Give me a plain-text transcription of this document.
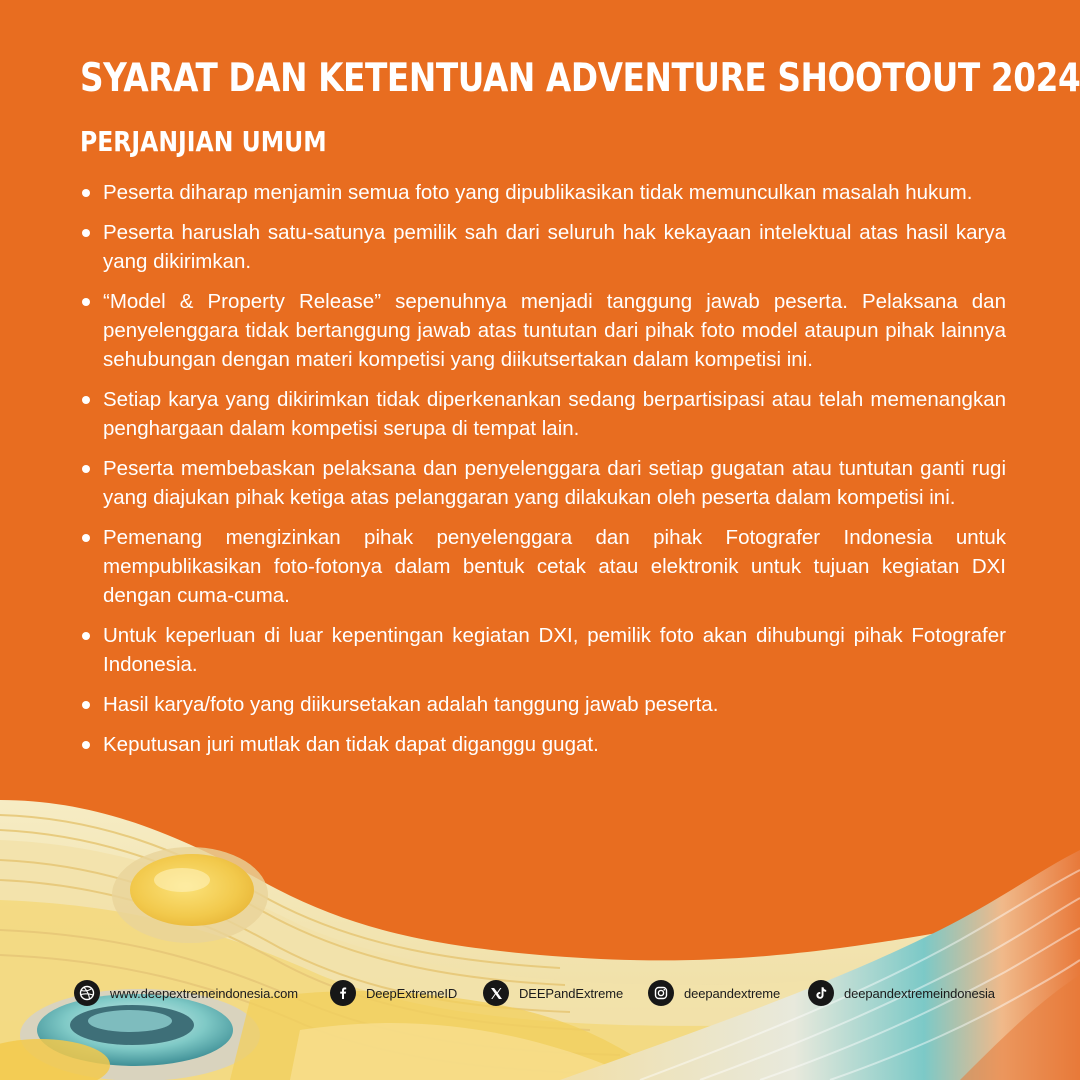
SYARAT DAN KETENTUAN ADVENTURE SHOOTOUT 2024
PERJANJIAN UMUM
Peserta diharap menjamin semua foto yang dipublikasikan tidak memunculkan masalah hukum.
Peserta haruslah satu-satunya pemilik sah dari seluruh hak kekayaan intelektual atas hasil karya yang dikirimkan.
“Model & Property Release” sepenuhnya menjadi tanggung jawab peserta. Pelaksana dan penyelenggara tidak bertanggung jawab atas tuntutan dari pihak foto model ataupun pihak lainnya sehubungan dengan materi kompetisi yang diikutsertakan dalam kompetisi ini.
Setiap karya yang dikirimkan tidak diperkenankan sedang berpartisipasi atau telah memenangkan penghargaan dalam kompetisi serupa di tempat lain.
Peserta membebaskan pelaksana dan penyelenggara dari setiap gugatan atau tuntutan ganti rugi yang diajukan pihak ketiga atas pelanggaran yang dilakukan oleh peserta dalam kompetisi ini.
Pemenang mengizinkan pihak penyelenggara dan pihak Fotografer Indonesia untuk mempublikasikan foto-fotonya dalam bentuk cetak atau elektronik untuk tujuan kegiatan DXI dengan cuma-cuma.
Untuk keperluan di luar kepentingan kegiatan DXI, pemilik foto akan dihubungi pihak Fotografer Indonesia.
Hasil karya/foto yang diikursetakan adalah tanggung jawab peserta.
Keputusan juri mutlak dan tidak dapat diganggu gugat.
www.deepextremeindonesia.com	DeepExtremeID	DEEPandExtreme	deepandextreme	deepandextremeindonesia
